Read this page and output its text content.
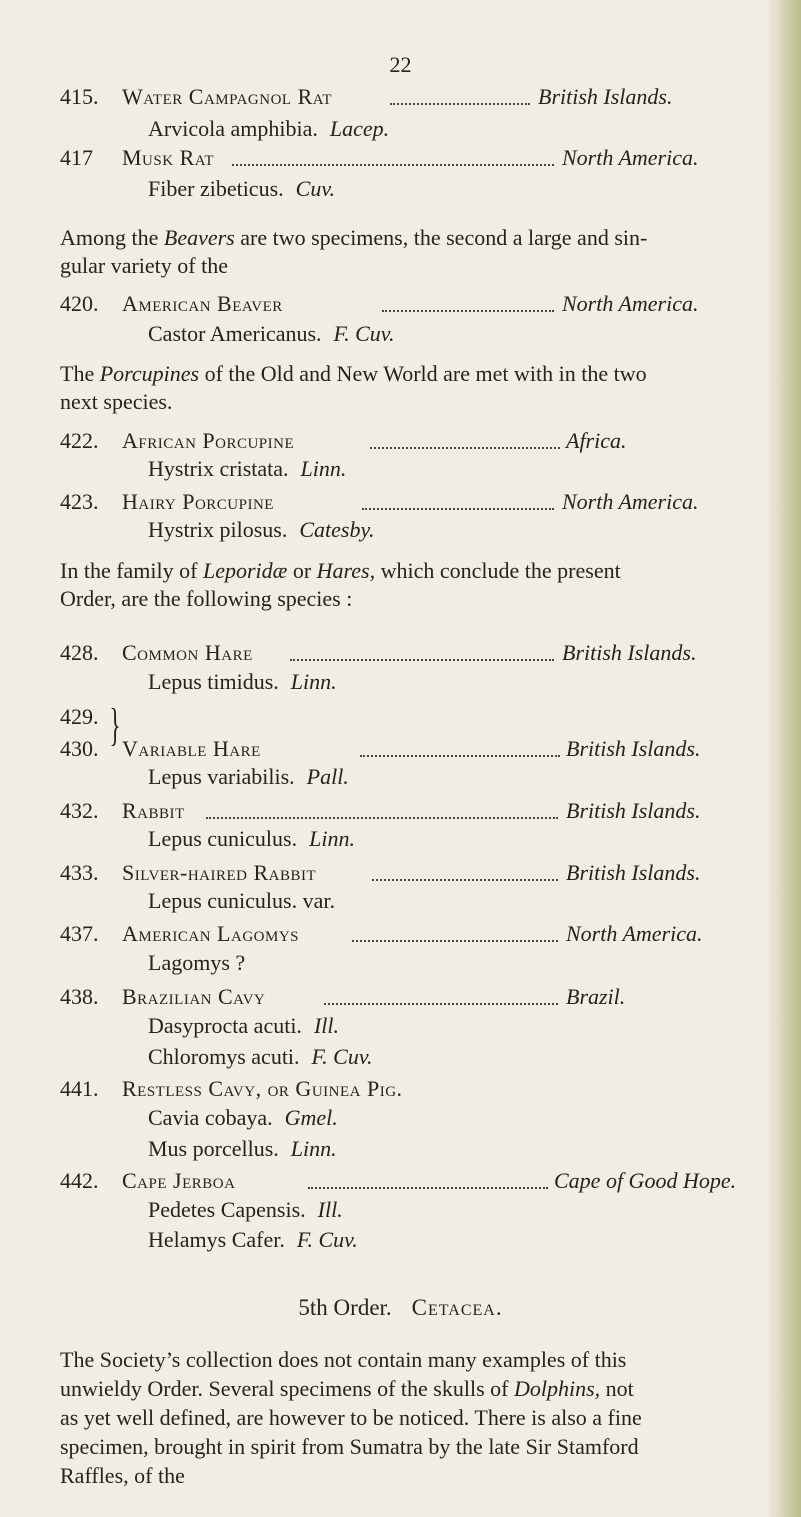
22
415. Water Campagnol Rat	British Islands.
Arvicola amphibia. Lacep.
417 Musk Rat	North America.
Fiber zibeticus. Cuv.
Among the Beavers are two specimens, the second a large and sin-
gular variety of the
420. American Beaver	North America.
Castor Americanus. F. Cuv.
The Porcupines of the Old and New World are met with in the two
next species.
422. African Porcupine	Africa.
Hystrix cristata. Linn.
423. Hairy Porcupine	North America.
Hystrix pilosus. Catesby.
In the family of Leporidæ or Hares, which conclude the present
Order, are the following species :
428. Common Hare	British Islands.
Lepus timidus. Linn.
429. }
430. Variable Hare	British Islands.
Lepus variabilis. Pall.
432. Rabbit	British Islands.
Lepus cuniculus. Linn.
433. Silver-haired Rabbit	British Islands.
Lepus cuniculus. var.
437. American Lagomys	North America.
Lagomys ?
438. Brazilian Cavy	Brazil.
Dasyprocta acuti. Ill.
Chloromys acuti. F. Cuv.
441. Restless Cavy, or Guinea Pig.
Cavia cobaya. Gmel.
Mus porcellus. Linn.
442. Cape Jerboa	Cape of Good Hope.
Pedetes Capensis. Ill.
Helamys Cafer. F. Cuv.
5th Order. Cetacea.
The Society’s collection does not contain many examples of this
unwieldy Order. Several specimens of the skulls of Dolphins, not
as yet well defined, are however to be noticed. There is also a fine
specimen, brought in spirit from Sumatra by the late Sir Stamford
Raffles, of the
